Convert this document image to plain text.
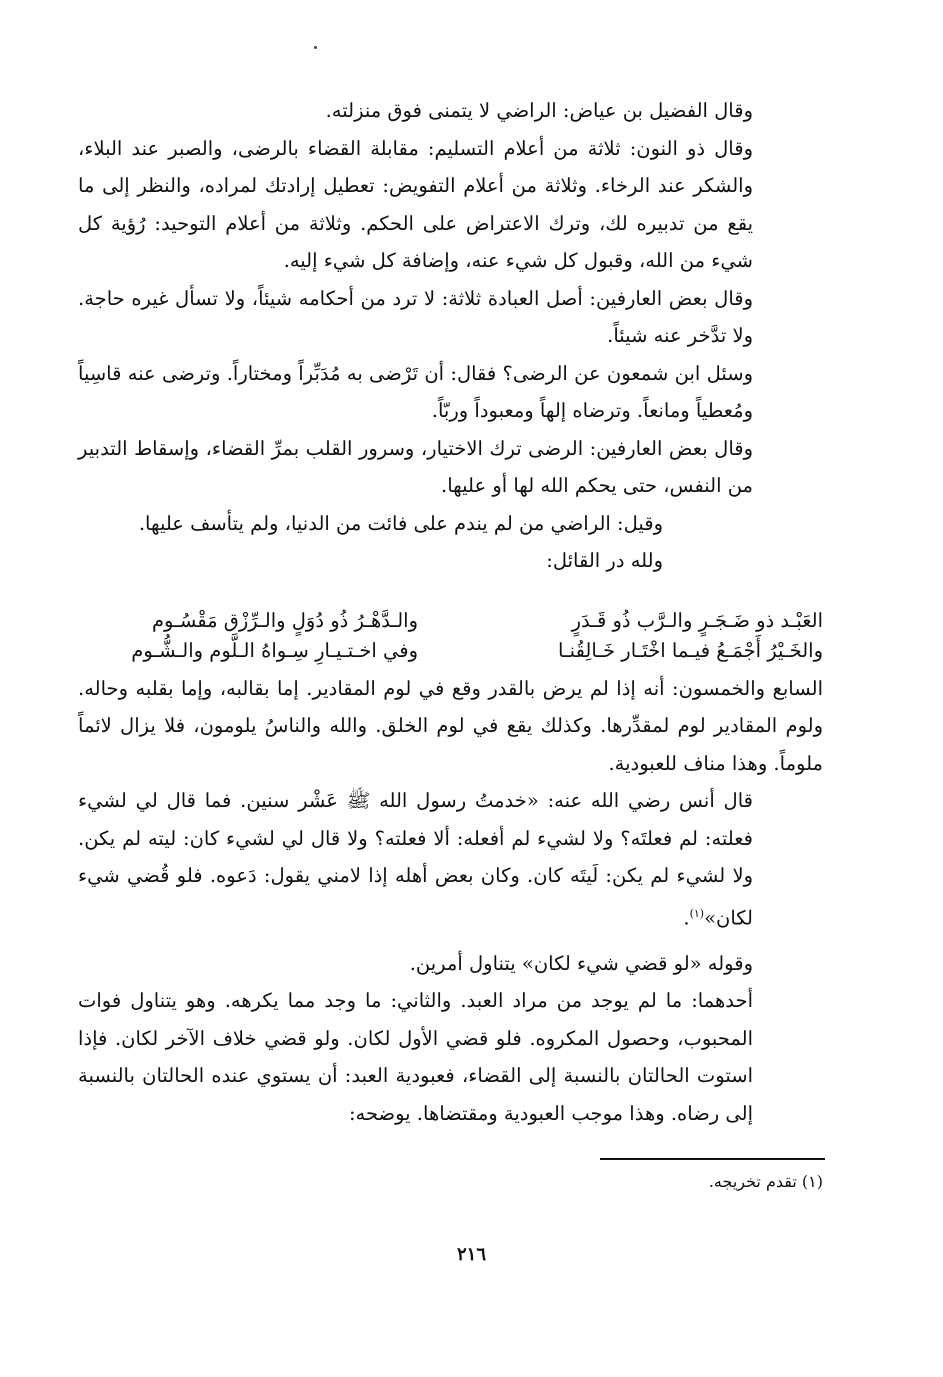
وقال الفضيل بن عياض: الراضي لا يتمنى فوق منزلته.

وقال ذو النون: ثلاثة من أعلام التسليم: مقابلة القضاء بالرضى، والصبر عند البلاء، والشكر عند الرخاء. وثلاثة من أعلام التفويض: تعطيل إرادتك لمراده، والنظر إلى ما يقع من تدبيره لك، وترك الاعتراض على الحكم. وثلاثة من أعلام التوحيد: رُؤية كل شيء من الله، وقبول كل شيء عنه، وإضافة كل شيء إليه.

وقال بعض العارفين: أصل العبادة ثلاثة: لا ترد من أحكامه شيئاً، ولا تسأل غيره حاجة. ولا تدَّخر عنه شيئاً.

وسئل ابن شمعون عن الرضى؟ فقال: أن تَرْضى به مُدَبِّراً ومختاراً. وترضى عنه قاسِياً ومُعطياً ومانعاً. وترضاه إلهاً ومعبوداً وربّاً.

وقال بعض العارفين: الرضى ترك الاختيار، وسرور القلب بمرِّ القضاء، وإسقاط التدبير من النفس، حتى يحكم الله لها أو عليها.

وقيل: الراضي من لم يندم على فائت من الدنيا، ولم يتأسف عليها.

ولله در القائل:

العَبْـد ذو ضَـجَـرٍ والـرَّب ذُو قَـدَرٍ
والـدَّهْـرُ ذُو دُوَلٍ والـرِّزْق مَقْسُـوم
والخَـيْرُ أَجْمَـعُ فيـما اخْتَـار خَـالِقُنـا
وفي اخـتـيـارِ سِـواهُ الـلَّوم والـشُّـوم

السابع والخمسون: أنه إذا لم يرض بالقدر وقع في لوم المقادير. إما بقالبه، وإما بقلبه وحاله. ولوم المقادير لوم لمقدِّرها. وكذلك يقع في لوم الخلق. والله والناسُ يلومون، فلا يزال لائماً ملوماً. وهذا مناف للعبودية.

قال أنس رضي الله عنه: «خدمتُ رسول الله ﷺ عَشْر سنين. فما قال لي لشيء فعلته: لم فعلتَه؟ ولا لشيء لم أفعله: ألا فعلته؟ ولا قال لي لشيء كان: ليته لم يكن. ولا لشيء لم يكن: لَيتَه كان. وكان بعض أهله إذا لامني يقول: دَعوه. فلو قُضي شيء لكان»$^{(١)}$.

وقوله «لو قضي شيء لكان» يتناول أمرين.

أحدهما: ما لم يوجد من مراد العبد. والثاني: ما وجد مما يكرهه. وهو يتناول فوات المحبوب، وحصول المكروه. فلو قضي الأول لكان. ولو قضي خلاف الآخر لكان. فإذا استوت الحالتان بالنسبة إلى القضاء، فعبودية العبد: أن يستوي عنده الحالتان بالنسبة إلى رضاه. وهذا موجب العبودية ومقتضاها. يوضحه:

(١) تقدم تخريجه.
٢١٦
